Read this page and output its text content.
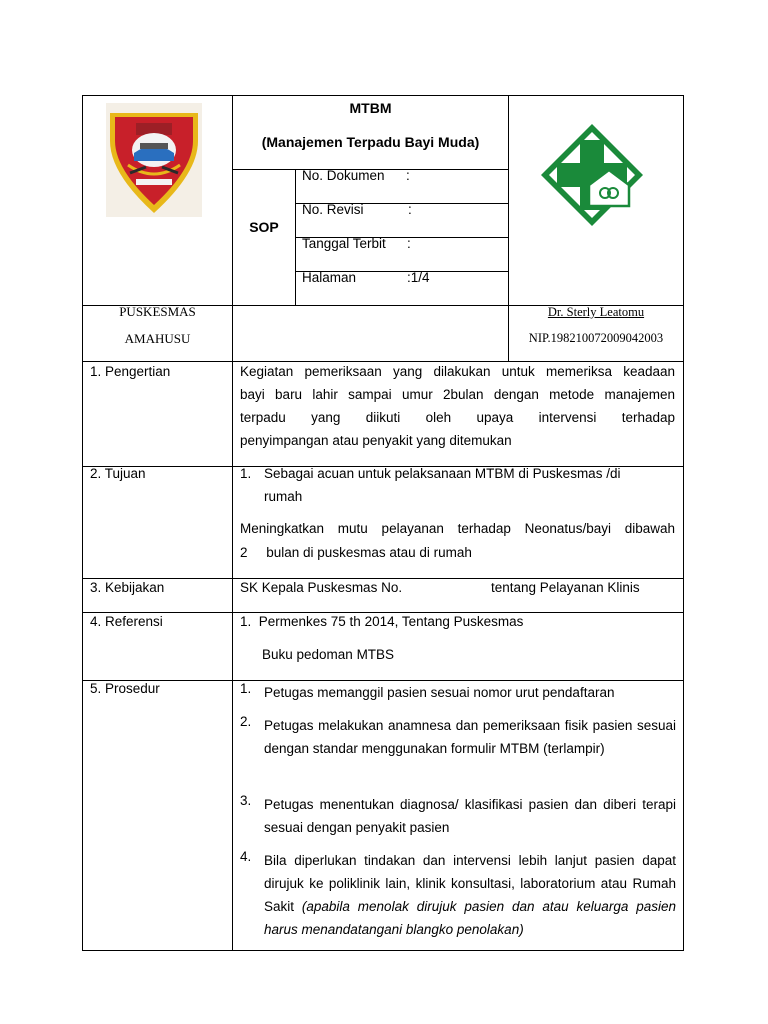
MTBM
(Manajemen Terpadu Bayi Muda)
SOP
No. Dokumen :
No. Revisi	:
Tanggal Terbit :
Halaman	:1/4
PUSKESMAS
AMAHUSU
Dr. Sterly Leatomu
NIP.198210072009042003
1. Pengertian	Kegiatan pemeriksaan yang dilakukan untuk memeriksa keadaan
bayi baru lahir sampai umur 2bulan dengan metode manajemen
terpadu yang diikuti oleh upaya intervensi terhadap
penyimpangan atau penyakit yang ditemukan
2. Tujuan	1. Sebagai acuan untuk pelaksanaan MTBM di Puskesmas /di
rumah
Meningkatkan mutu pelayanan terhadap Neonatus/bayi dibawah
2     bulan di puskesmas atau di rumah
3. Kebijakan	SK Kepala Puskesmas No.	tentang Pelayanan Klinis
4. Referensi	1.  Permenkes 75 th 2014, Tentang Puskesmas
Buku pedoman MTBS
5. Prosedur	1. Petugas memanggil pasien sesuai nomor urut pendaftaran
2. Petugas melakukan anamnesa dan pemeriksaan fisik pasien sesuai dengan standar menggunakan formulir MTBM (terlampir)
3. Petugas menentukan diagnosa/ klasifikasi pasien dan diberi terapi sesuai dengan penyakit pasien
4. Bila diperlukan tindakan dan intervensi lebih lanjut pasien dapat dirujuk ke poliklinik lain, klinik konsultasi, laboratorium atau Rumah Sakit (apabila menolak dirujuk pasien dan atau keluarga pasien harus menandatangani blangko penolakan)
